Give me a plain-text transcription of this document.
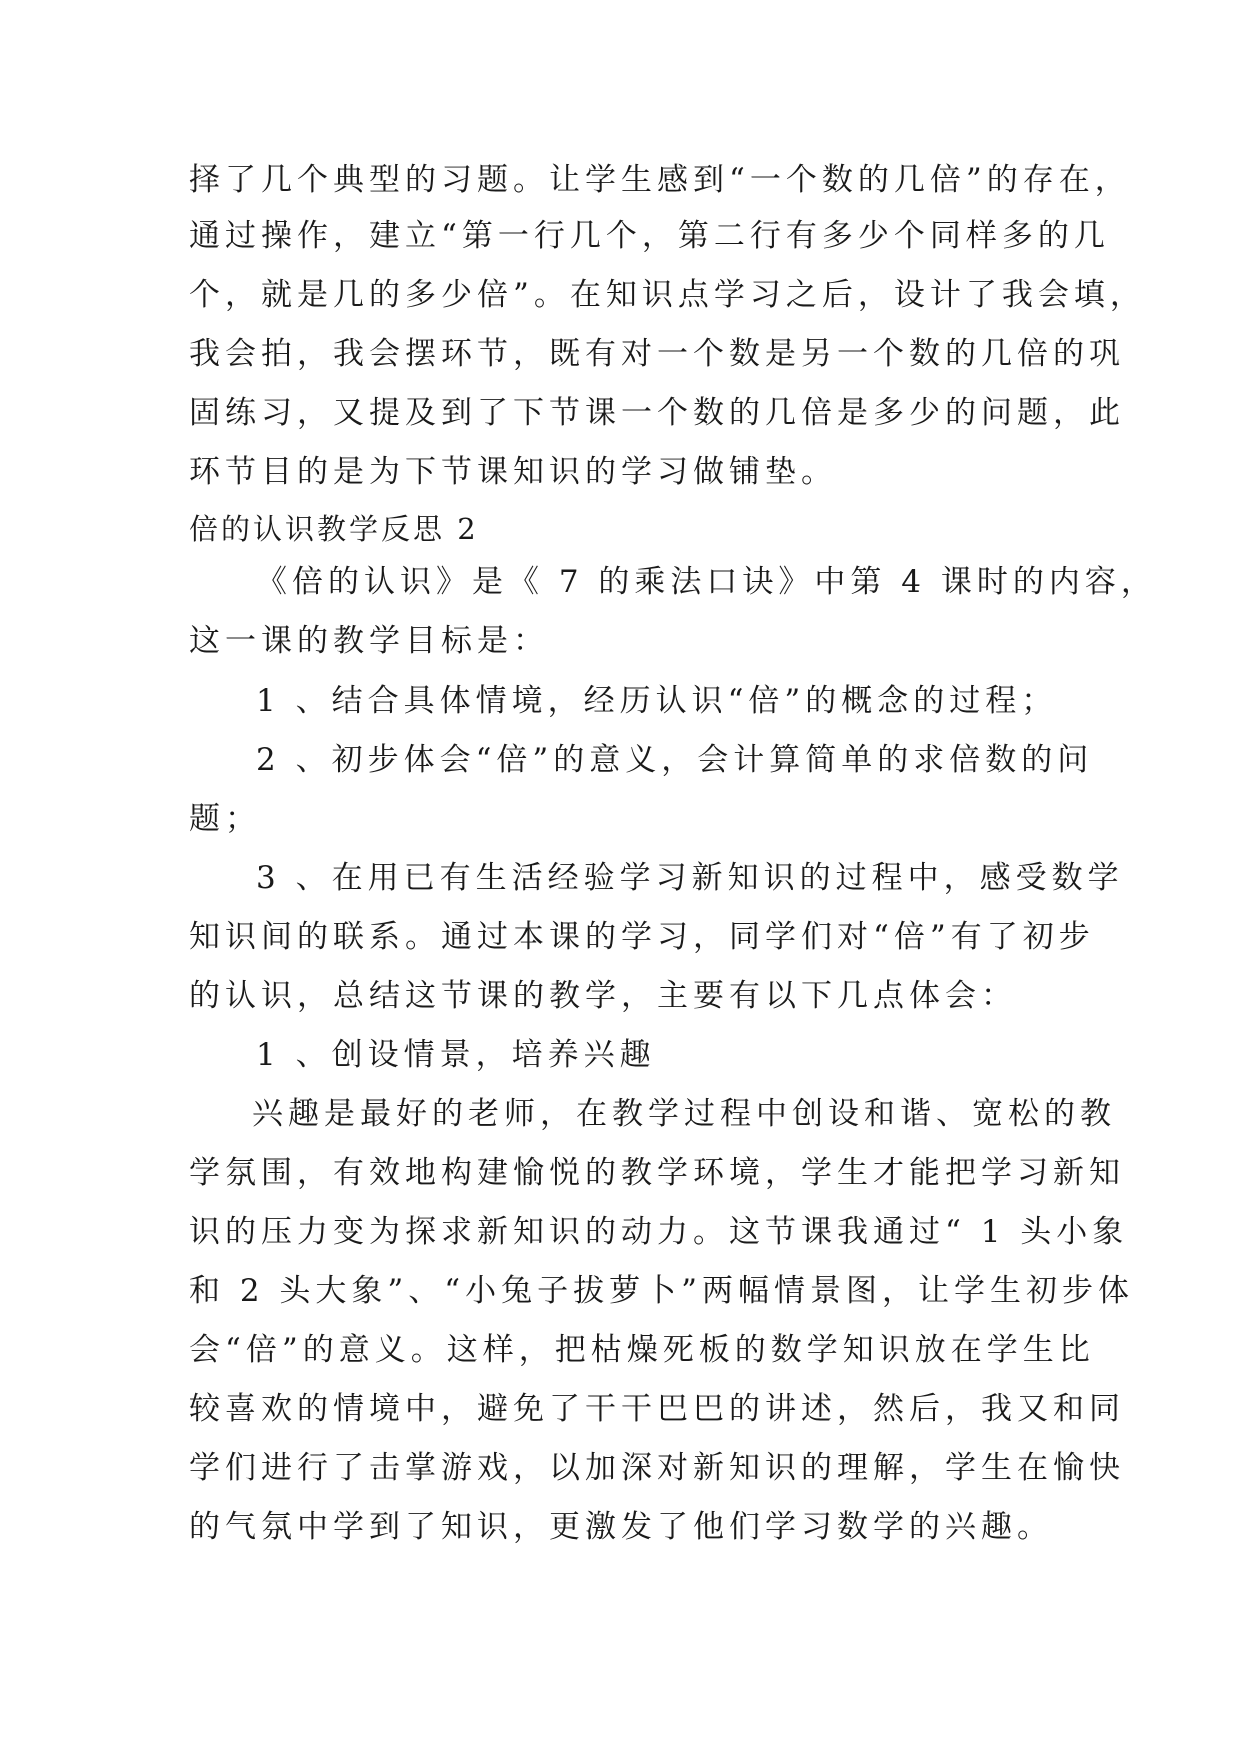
择了几个典型的习题。让学生感到“一个数的几倍”的存在，
通过操作，建立“第一行几个，第二行有多少个同样多的几
个，就是几的多少倍”。在知识点学习之后，设计了我会填，
我会拍，我会摆环节，既有对一个数是另一个数的几倍的巩
固练习，又提及到了下节课一个数的几倍是多少的问题，此
环节目的是为下节课知识的学习做铺垫。
倍的认识教学反思 2
《倍的认识》是《 7 的乘法口诀》中第 4 课时的内容，
这一课的教学目标是：
1 、结合具体情境，经历认识“倍”的概念的过程；
2 、初步体会“倍”的意义，会计算简单的求倍数的问
题；
3 、在用已有生活经验学习新知识的过程中，感受数学
知识间的联系。通过本课的学习，同学们对“倍”有了初步
的认识，总结这节课的教学，主要有以下几点体会：
1 、创设情景，培养兴趣
兴趣是最好的老师，在教学过程中创设和谐、宽松的教
学氛围，有效地构建愉悦的教学环境，学生才能把学习新知
识的压力变为探求新知识的动力。这节课我通过“ 1 头小象
和 2 头大象”、“小兔子拔萝卜”两幅情景图，让学生初步体
会“倍”的意义。这样，把枯燥死板的数学知识放在学生比
较喜欢的情境中，避免了干干巴巴的讲述，然后，我又和同
学们进行了击掌游戏，以加深对新知识的理解，学生在愉快
的气氛中学到了知识，更激发了他们学习数学的兴趣。
